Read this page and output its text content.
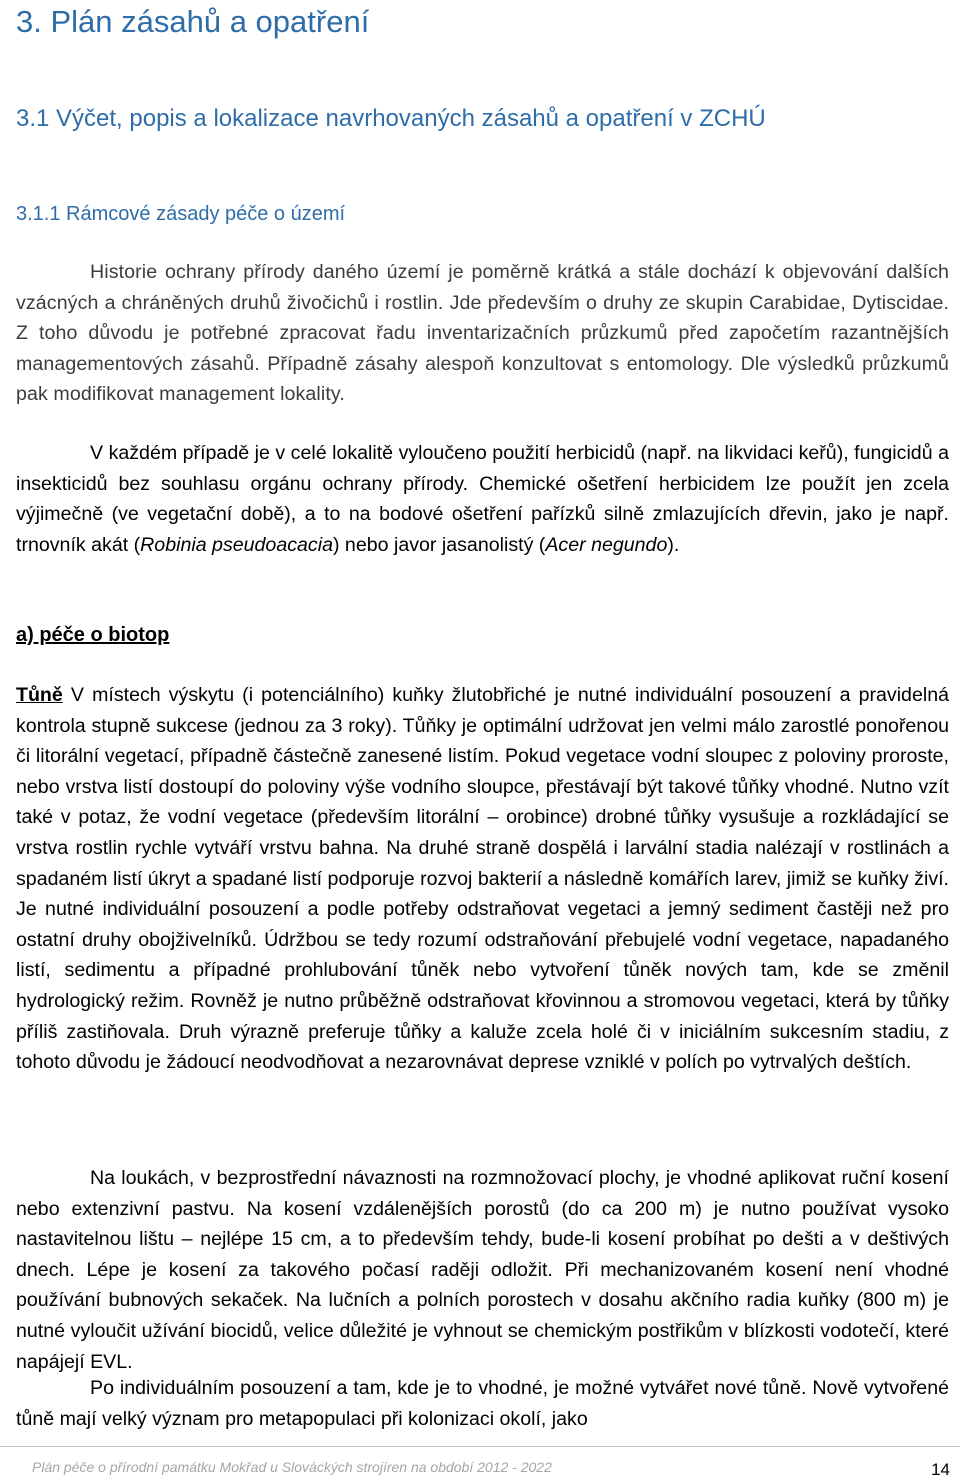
3. Plán zásahů a opatření
3.1 Výčet, popis a lokalizace navrhovaných zásahů a opatření v ZCHÚ
3.1.1 Rámcové zásady péče o území

Historie ochrany přírody daného území je poměrně krátká a stále dochází k objevování dalších vzácných a chráněných druhů živočichů i rostlin. Jde především o druhy ze skupin Carabidae, Dytiscidae. Z toho důvodu je potřebné zpracovat řadu inventarizačních průzkumů před započetím razantnějších managementových zásahů. Případně zásahy alespoň konzultovat s entomology. Dle výsledků průzkumů pak modifikovat management lokality.

V každém případě je v celé lokalitě vyloučeno použití herbicidů (např. na likvidaci keřů), fungicidů a insekticidů bez souhlasu orgánu ochrany přírody. Chemické ošetření herbicidem lze použít jen zcela výjimečně (ve vegetační době), a to na bodové ošetření pařízků silně zmlazujících dřevin, jako je např. trnovník akát (Robinia pseudoacacia) nebo javor jasanolistý (Acer negundo).

a) péče o biotop

Tůně V místech výskytu (i potenciálního) kuňky žlutobřiché je nutné individuální posouzení a pravidelná kontrola stupně sukcese (jednou za 3 roky). Tůňky je optimální udržovat jen velmi málo zarostlé ponořenou či litorální vegetací, případně částečně zanesené listím. Pokud vegetace vodní sloupec z poloviny proroste, nebo vrstva listí dostoupí do poloviny výše vodního sloupce, přestávají být takové tůňky vhodné. Nutno vzít také v potaz, že vodní vegetace (především litorální – orobince) drobné tůňky vysušuje a rozkládající se vrstva rostlin rychle vytváří vrstvu bahna. Na druhé straně dospělá i larvální stadia nalézají v rostlinách a spadaném listí úkryt a spadané listí podporuje rozvoj bakterií a následně komářích larev, jimiž se kuňky živí. Je nutné individuální posouzení a podle potřeby odstraňovat vegetaci a jemný sediment častěji než pro ostatní druhy obojživelníků. Údržbou se tedy rozumí odstraňování přebujelé vodní vegetace, napadaného listí, sedimentu a případné prohlubování tůněk nebo vytvoření tůněk nových tam, kde se změnil hydrologický režim. Rovněž je nutno průběžně odstraňovat křovinnou a stromovou vegetaci, která by tůňky příliš zastiňovala. Druh výrazně preferuje tůňky a kaluže zcela holé či v iniciálním sukcesním stadiu, z tohoto důvodu je žádoucí neodvodňovat a nezarovnávat deprese vzniklé v polích po vytrvalých deštích.

Na loukách, v bezprostřední návaznosti na rozmnožovací plochy, je vhodné aplikovat ruční kosení nebo extenzivní pastvu. Na kosení vzdálenějších porostů (do ca 200 m) je nutno používat vysoko nastavitelnou lištu – nejlépe 15 cm, a to především tehdy, bude-li kosení probíhat po dešti a v deštivých dnech. Lépe je kosení za takového počasí raději odložit. Při mechanizovaném kosení není vhodné používání bubnových sekaček. Na lučních a polních porostech v dosahu akčního radia kuňky (800 m) je nutné vyloučit užívání biocidů, velice důležité je vyhnout se chemickým postřikům v blízkosti vodotečí, které napájejí EVL.

Po individuálním posouzení a tam, kde je to vhodné, je možné vytvářet nové tůně. Nově vytvořené tůně mají velký význam pro metapopulaci při kolonizaci okolí, jako

Plán péče o přírodní památku Mokřad u Slováckých strojíren na období 2012 - 2022	14
